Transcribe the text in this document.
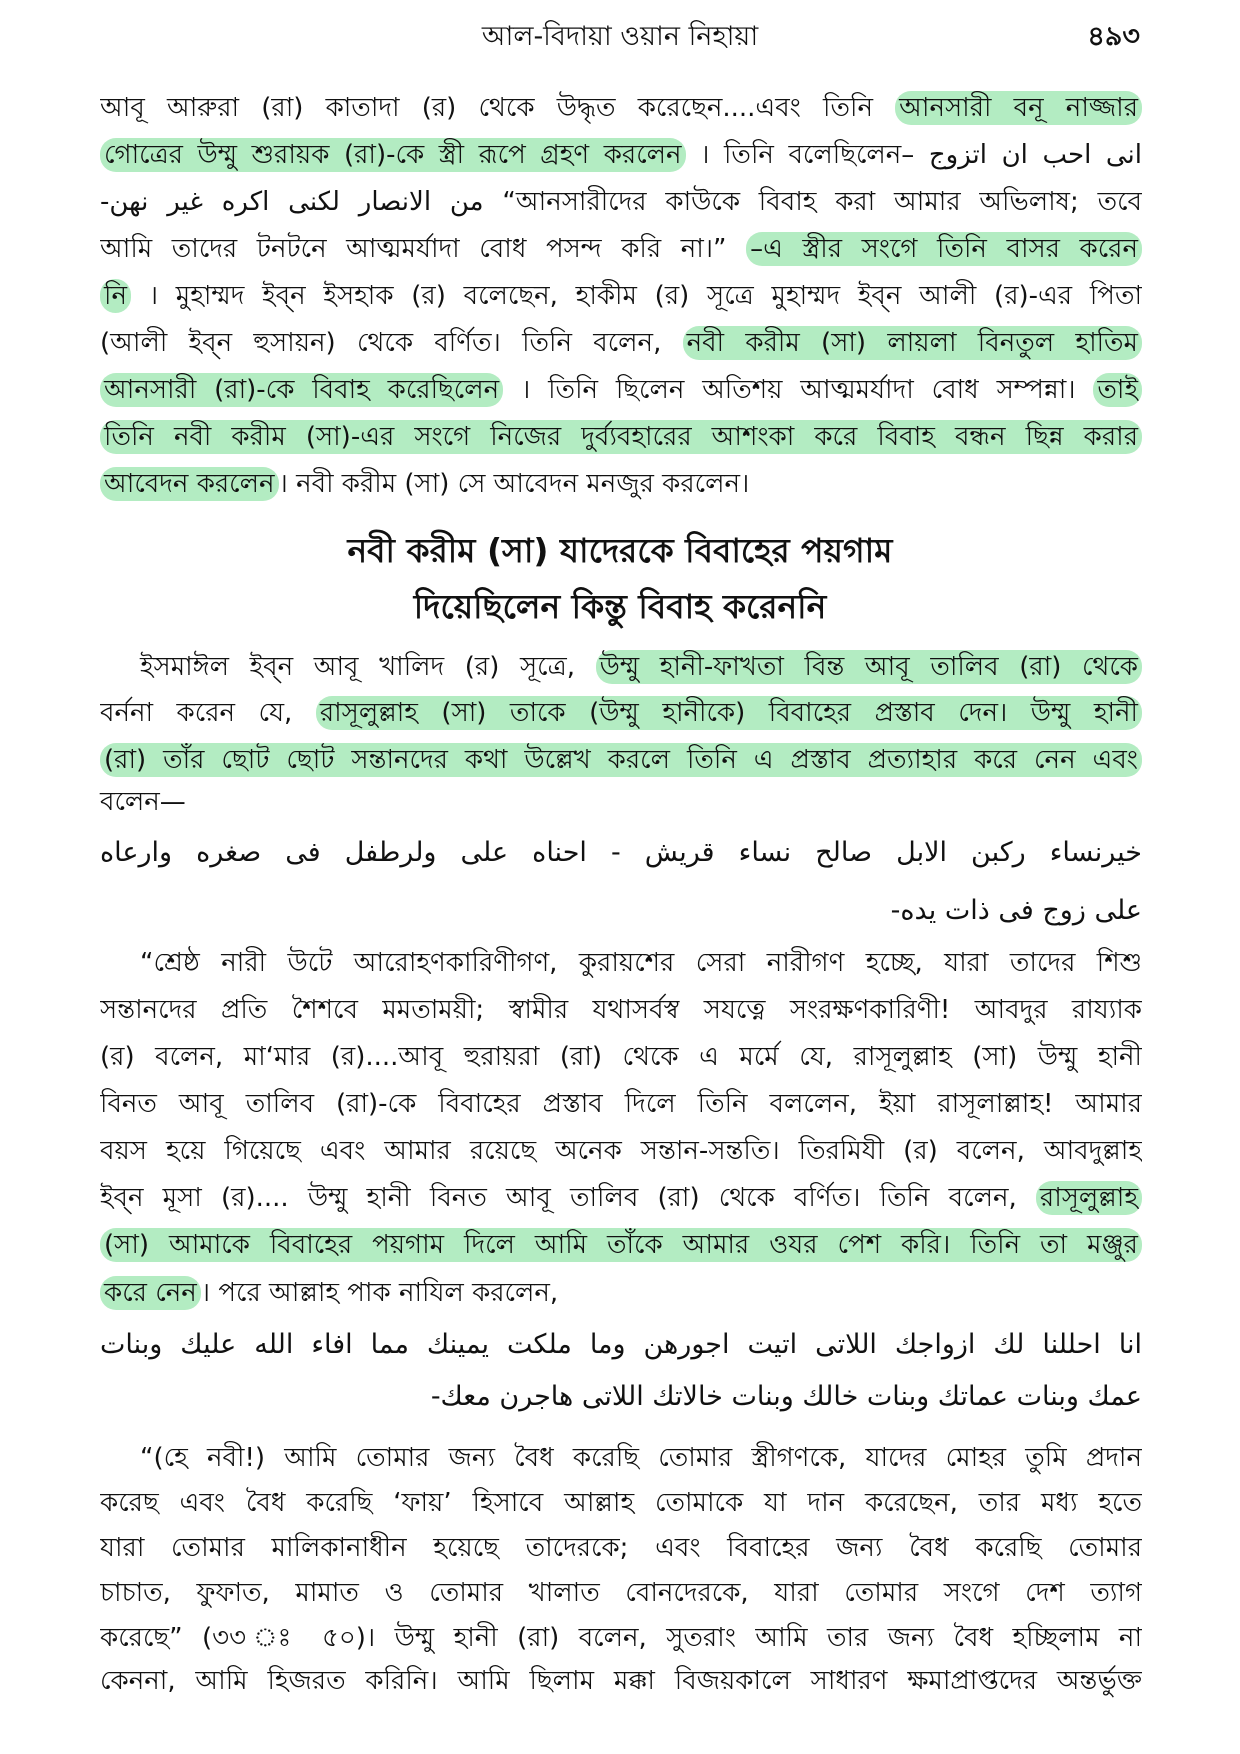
আল-বিদায়া ওয়ান নিহায়া	৪৯৩
নবী করীম (সা) যাদেরকে বিবাহের পয়গাম
দিয়েছিলেন কিন্তু বিবাহ করেননি
আবূ আরুরা (রা) কাতাদা (র) থেকে উদ্ধৃত করেছেন....এবং তিনি আনসারী বনূ নাজ্জার
গোত্রের উম্মু শুরায়ক (রা)-কে স্ত্রী রূপে গ্রহণ করলেন । তিনি বলেছিলেন– انی احب ان اتزوج
من الانصار لكنى اكره غير نهن- “আনসারীদের কাউকে বিবাহ করা আমার অভিলাষ; তবে
আমি তাদের টনটনে আত্মমর্যাদা বোধ পসন্দ করি না।” –এ স্ত্রীর সংগে তিনি বাসর করেন
নি । মুহাম্মদ ইব্ন ইসহাক (র) বলেছেন, হাকীম (র) সূত্রে মুহাম্মদ ইব্ন আলী (র)-এর পিতা
(আলী ইব্ন হুসায়ন) থেকে বর্ণিত। তিনি বলেন, নবী করীম (সা) লায়লা বিনতুল হাতিম
আনসারী (রা)-কে বিবাহ করেছিলেন । তিনি ছিলেন অতিশয় আত্মমর্যাদা বোধ সম্পন্না। তাই
তিনি নবী করীম (সা)-এর সংগে নিজের দুর্ব্যবহারের আশংকা করে বিবাহ বন্ধন ছিন্ন করার
আবেদন করলেন । নবী করীম (সা) সে আবেদন মনজুর করলেন।
ইসমাঈল ইব্ন আবূ খালিদ (র) সূত্রে, উম্মু হানী-ফাখতা বিন্ত আবূ তালিব (রা) থেকে
বর্ননা করেন যে, রাসূলুল্লাহ (সা) তাকে (উম্মু হানীকে) বিবাহের প্রস্তাব দেন। উম্মু হানী
(রা) তাঁর ছোট ছোট সন্তানদের কথা উল্লেখ করলে তিনি এ প্রস্তাব প্রত্যাহার করে নেন এবং
বলেন—
“শ্রেষ্ঠ নারী উটে আরোহণকারিণীগণ, কুরায়শের সেরা নারীগণ হচ্ছে, যারা তাদের শিশু
সন্তানদের প্রতি শৈশবে মমতাময়ী; স্বামীর যথাসর্বস্ব সযত্নে সংরক্ষণকারিণী! আবদুর রায্যাক
(র) বলেন, মা‘মার (র)....আবূ হুরায়রা (রা) থেকে এ মর্মে যে, রাসূলুল্লাহ (সা) উম্মু হানী
বিনত আবূ তালিব (রা)-কে বিবাহের প্রস্তাব দিলে তিনি বললেন, ইয়া রাসূলাল্লাহ! আমার
বয়স হয়ে গিয়েছে এবং আমার রয়েছে অনেক সন্তান-সন্ততি। তিরমিযী (র) বলেন, আবদুল্লাহ
ইব্ন মূসা (র).... উম্মু হানী বিনত আবূ তালিব (রা) থেকে বর্ণিত। তিনি বলেন, রাসূলুল্লাহ
(সা) আমাকে বিবাহের পয়গাম দিলে আমি তাঁকে আমার ওযর পেশ করি। তিনি তা মঞ্জুর
করে নেন । পরে আল্লাহ পাক নাযিল করলেন,
“(হে নবী!) আমি তোমার জন্য বৈধ করেছি তোমার স্ত্রীগণকে, যাদের মোহর তুমি প্রদান
করেছ এবং বৈধ করেছি ‘ফায়’ হিসাবে আল্লাহ তোমাকে যা দান করেছেন, তার মধ্য হতে
যারা তোমার মালিকানাধীন হয়েছে তাদেরকে; এবং বিবাহের জন্য বৈধ করেছি তোমার
চাচাত, ফুফাত, মামাত ও তোমার খালাত বোনদেরকে, যারা তোমার সংগে দেশ ত্যাগ
করেছে” (৩৩ ঃ ৫০)। উম্মু হানী (রা) বলেন, সুতরাং আমি তার জন্য বৈধ হচ্ছিলাম না
কেননা, আমি হিজরত করিনি। আমি ছিলাম মক্কা বিজয়কালে সাধারণ ক্ষমাপ্রাপ্তদের অন্তর্ভুক্ত
خيرنساء ركبن الابل صالح نساء قريش - احناه على ولرطفل فى صغره وارعاه
على زوج فى ذات يده-
انا احللنا لك ازواجك اللاتى اتيت اجورهن وما ملكت يمينك مما افاء الله عليك وبنات
عمك وبنات عماتك وبنات خالك وبنات خالاتك اللاتى هاجرن معك-
